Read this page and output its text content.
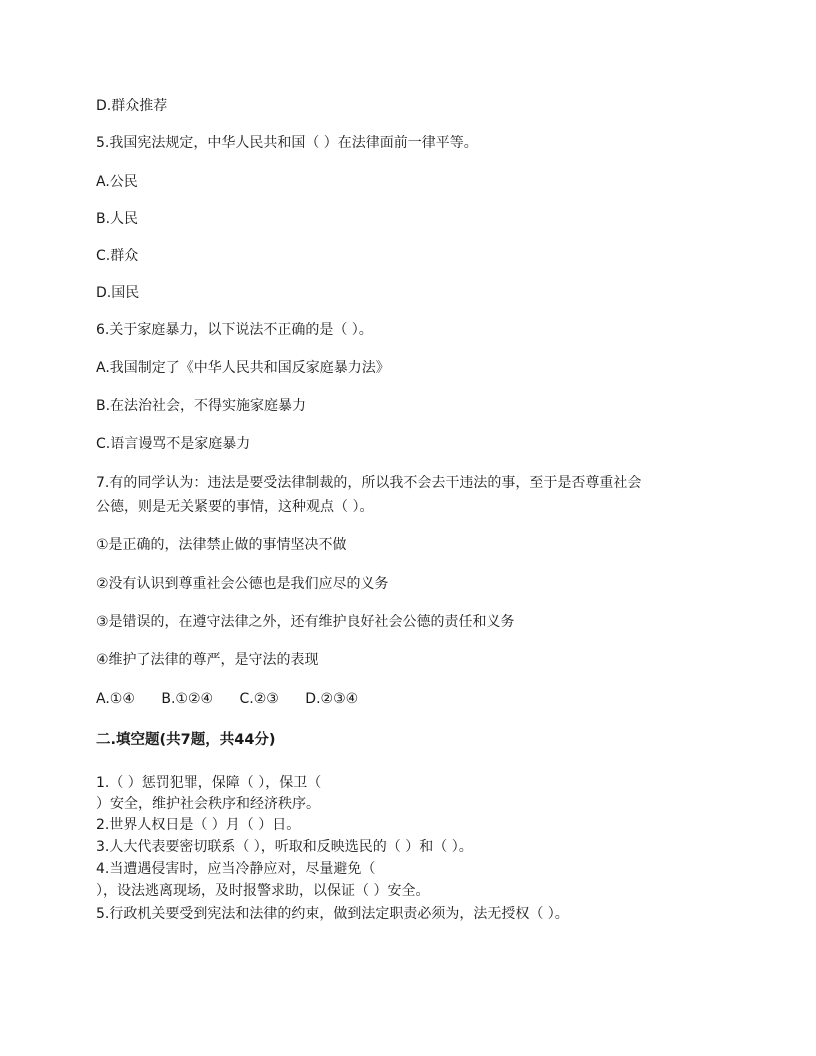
D.群众推荐
5.我国宪法规定，中华人民共和国（ ）在法律面前一律平等。
A.公民
B.人民
C.群众
D.国民
6.关于家庭暴力，以下说法不正确的是（ ）。
A.我国制定了《中华人民共和国反家庭暴力法》
B.在法治社会，不得实施家庭暴力
C.语言谩骂不是家庭暴力
7.有的同学认为：违法是要受法律制裁的，所以我不会去干违法的事，至于是否尊重社会
公德，则是无关紧要的事情，这种观点（ ）。
①是正确的，法律禁止做的事情坚决不做
②没有认识到尊重社会公德也是我们应尽的义务
③是错误的，在遵守法律之外，还有维护良好社会公德的责任和义务
④维护了法律的尊严，是守法的表现
A.①④ B.①②④ C.②③ D.②③④
二.填空题(共7题，共44分)
1.（ ）惩罚犯罪，保障（ ），保卫（
）安全，维护社会秩序和经济秩序。
2.世界人权日是（ ）月（ ）日。
3.人大代表要密切联系（ ），听取和反映选民的（ ）和（ ）。
4.当遭遇侵害时，应当冷静应对，尽量避免（
），设法逃离现场，及时报警求助，以保证（ ）安全。
5.行政机关要受到宪法和法律的约束，做到法定职责必须为，法无授权（ ）。
